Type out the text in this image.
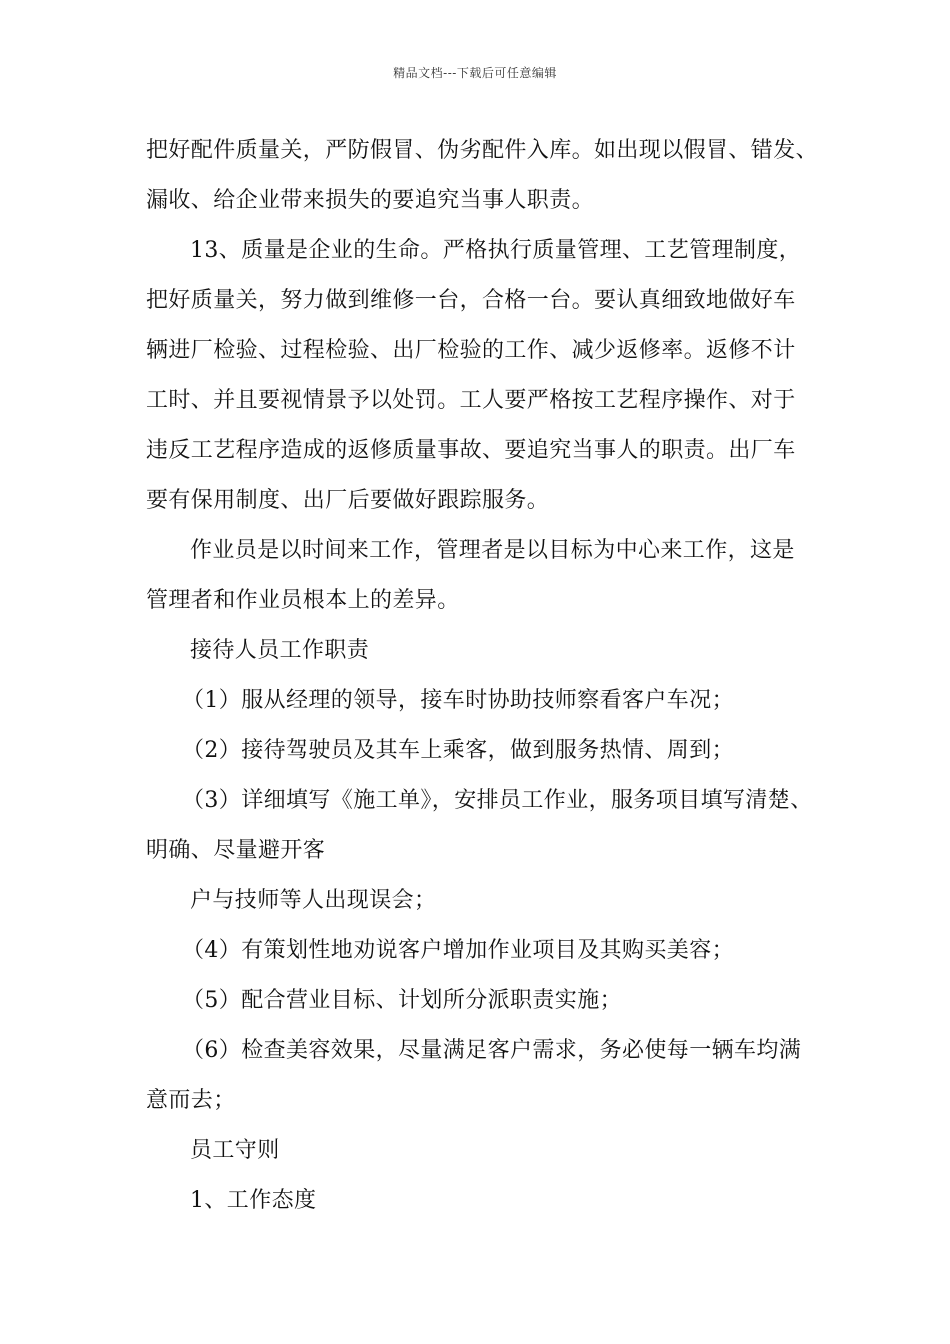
精品文档---下载后可任意编辑
把好配件质量关，严防假冒、伪劣配件入库。如出现以假冒、错发、
漏收、给企业带来损失的要追究当事人职责。
13、质量是企业的生命。严格执行质量管理、工艺管理制度，
把好质量关，努力做到维修一台，合格一台。要认真细致地做好车
辆进厂检验、过程检验、出厂检验的工作、减少返修率。返修不计
工时、并且要视情景予以处罚。工人要严格按工艺程序操作、对于
违反工艺程序造成的返修质量事故、要追究当事人的职责。出厂车
要有保用制度、出厂后要做好跟踪服务。
作业员是以时间来工作，管理者是以目标为中心来工作，这是
管理者和作业员根本上的差异。
接待人员工作职责
（1）服从经理的领导，接车时协助技师察看客户车况；
（2）接待驾驶员及其车上乘客，做到服务热情、周到；
（3）详细填写《施工单》，安排员工作业，服务项目填写清楚、
明确、尽量避开客
户与技师等人出现误会；
（4）有策划性地劝说客户增加作业项目及其购买美容；
（5）配合营业目标、计划所分派职责实施；
（6）检查美容效果，尽量满足客户需求，务必使每一辆车均满
意而去；
员工守则
1、工作态度
